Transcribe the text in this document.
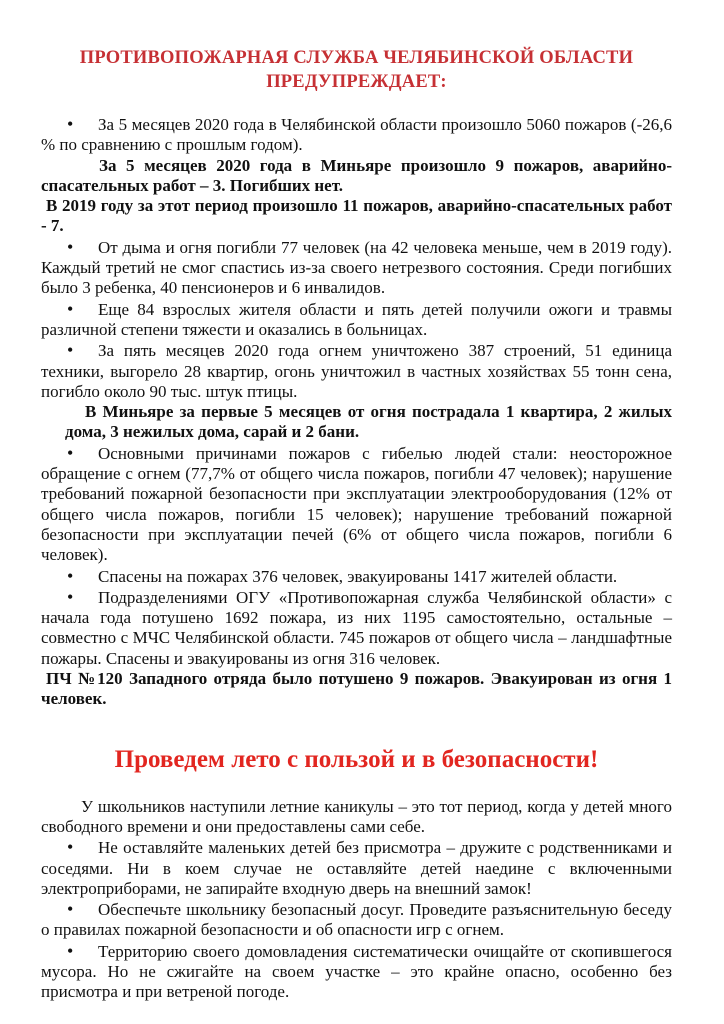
ПРОТИВОПОЖАРНАЯ СЛУЖБА ЧЕЛЯБИНСКОЙ ОБЛАСТИ
ПРЕДУПРЕЖДАЕТ:

• За 5 месяцев 2020 года в Челябинской области произошло 5060 пожаров (-26,6 % по сравнению с прошлым годом).

За 5 месяцев 2020 года в Миньяре произошло 9 пожаров, аварийно-спасательных работ – 3. Погибших нет.

В 2019 году за этот период произошло 11 пожаров, аварийно-спасательных работ - 7.

• От дыма и огня погибли 77 человек (на 42 человека меньше, чем в 2019 году). Каждый третий не смог спастись из-за своего нетрезвого состояния. Среди погибших было 3 ребенка, 40 пенсионеров и 6 инвалидов.

• Еще 84 взрослых жителя области и пять детей получили ожоги и травмы различной степени тяжести и оказались в больницах.

• За пять месяцев 2020 года огнем уничтожено 387 строений, 51 единица техники, выгорело 28 квартир, огонь уничтожил в частных хозяйствах 55 тонн сена, погибло около 90 тыс. штук птицы.

В Миньяре за первые 5 месяцев от огня пострадала 1 квартира, 2 жилых дома, 3 нежилых дома, сарай и 2 бани.

• Основными причинами пожаров с гибелью людей стали: неосторожное обращение с огнем (77,7% от общего числа пожаров, погибли 47 человек); нарушение требований пожарной безопасности при эксплуатации электрооборудования (12% от общего числа пожаров, погибли 15 человек); нарушение требований пожарной безопасности при эксплуатации печей (6% от общего числа пожаров, погибли 6 человек).

• Спасены на пожарах 376 человек, эвакуированы 1417 жителей области.

• Подразделениями ОГУ «Противопожарная служба Челябинской области» с начала года потушено 1692 пожара, из них 1195 самостоятельно, остальные – совместно с МЧС Челябинской области. 745 пожаров от общего числа – ландшафтные пожары. Спасены и эвакуированы из огня 316 человек.

ПЧ №120 Западного отряда было потушено 9 пожаров. Эвакуирован из огня 1 человек.

Проведем лето с пользой и в безопасности!

У школьников наступили летние каникулы – это тот период, когда у детей много свободного времени и они предоставлены сами себе.

• Не оставляйте маленьких детей без присмотра – дружите с родственниками и соседями. Ни в коем случае не оставляйте детей наедине с включенными электроприборами, не запирайте входную дверь на внешний замок!

• Обеспечьте школьнику безопасный досуг. Проведите разъяснительную беседу о правилах пожарной безопасности и об опасности игр с огнем.

• Территорию своего домовладения систематически очищайте от скопившегося мусора. Но не сжигайте на своем участке – это крайне опасно, особенно без присмотра и при ветреной погоде.
